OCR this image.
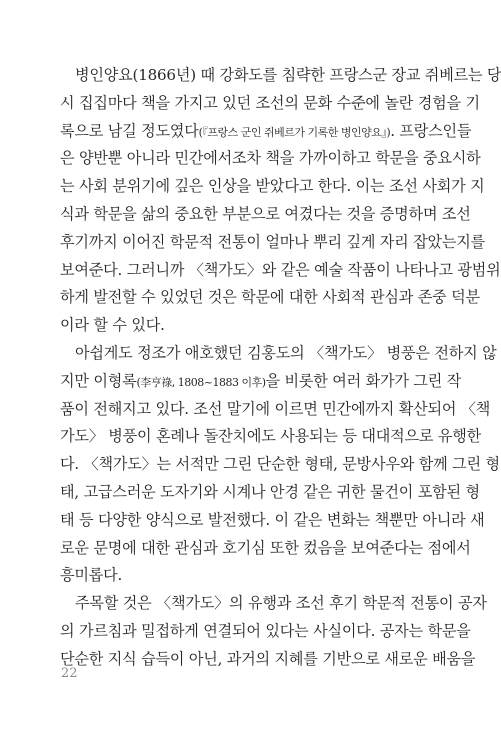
병인양요(1866년) 때 강화도를 침략한 프랑스군 장교 쥐베르는 당
시 집집마다 책을 가지고 있던 조선의 문화 수준에 놀란 경험을 기
록으로 남길 정도였다(『프랑스 군인 쥐베르가 기록한 병인양요』). 프랑스인들
은 양반뿐 아니라 민간에서조차 책을 가까이하고 학문을 중요시하
는 사회 분위기에 깊은 인상을 받았다고 한다. 이는 조선 사회가 지
식과 학문을 삶의 중요한 부분으로 여겼다는 것을 증명하며 조선
후기까지 이어진 학문적 전통이 얼마나 뿌리 깊게 자리 잡았는지를
보여준다. 그러니까 〈책가도〉와 같은 예술 작품이 나타나고 광범위
하게 발전할 수 있었던 것은 학문에 대한 사회적 관심과 존중 덕분
이라 할 수 있다.
아쉽게도 정조가 애호했던 김홍도의 〈책가도〉 병풍은 전하지 않
지만 이형록(李亨祿, 1808~1883 이후)을 비롯한 여러 화가가 그린 작
품이 전해지고 있다. 조선 말기에 이르면 민간에까지 확산되어 〈책
가도〉 병풍이 혼례나 돌잔치에도 사용되는 등 대대적으로 유행한
다. 〈책가도〉는 서적만 그린 단순한 형태, 문방사우와 함께 그린 형
태, 고급스러운 도자기와 시계나 안경 같은 귀한 물건이 포함된 형
태 등 다양한 양식으로 발전했다. 이 같은 변화는 책뿐만 아니라 새
로운 문명에 대한 관심과 호기심 또한 컸음을 보여준다는 점에서
흥미롭다.
주목할 것은 〈책가도〉의 유행과 조선 후기 학문적 전통이 공자
의 가르침과 밀접하게 연결되어 있다는 사실이다. 공자는 학문을
단순한 지식 습득이 아닌, 과거의 지혜를 기반으로 새로운 배움을
22
